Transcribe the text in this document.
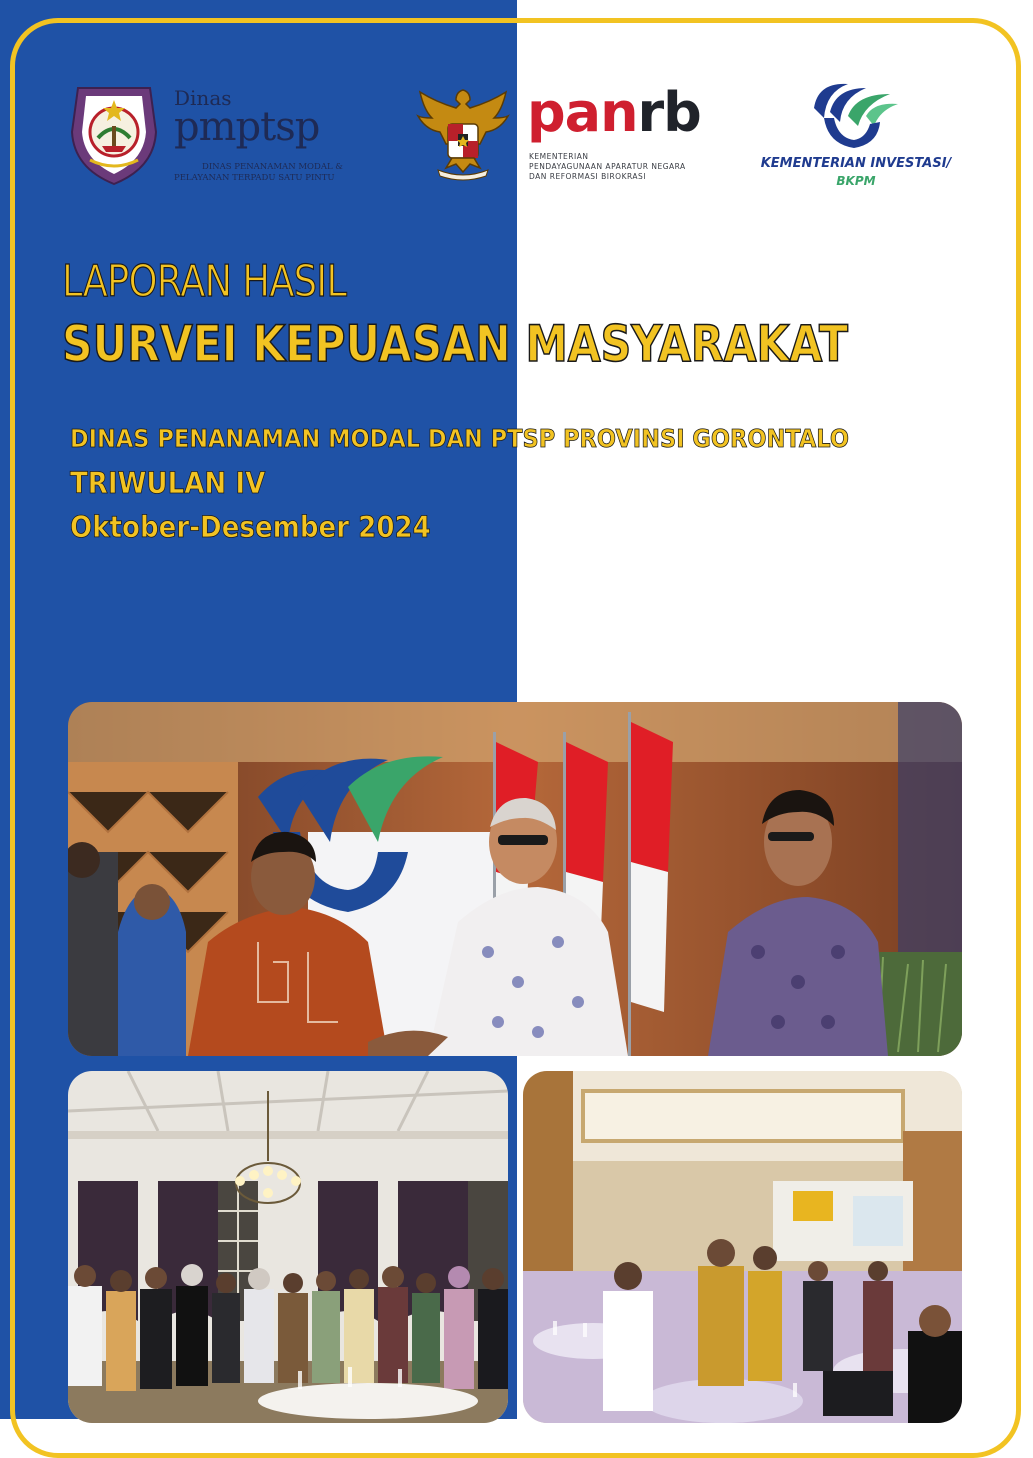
Dinas
pmptsp
DINAS PENANAMAN MODAL &
PELAYANAN TERPADU SATU PINTU
panrb
KEMENTERIAN
PENDAYAGUNAAN APARATUR NEGARA
DAN REFORMASI BIROKRASI
KEMENTERIAN INVESTASI/
BKPM
LAPORAN HASIL
SURVEI KEPUASAN MASYARAKAT
DINAS PENANAMAN MODAL DAN PTSP PROVINSI GORONTALO
TRIWULAN IV
Oktober-Desember 2024
